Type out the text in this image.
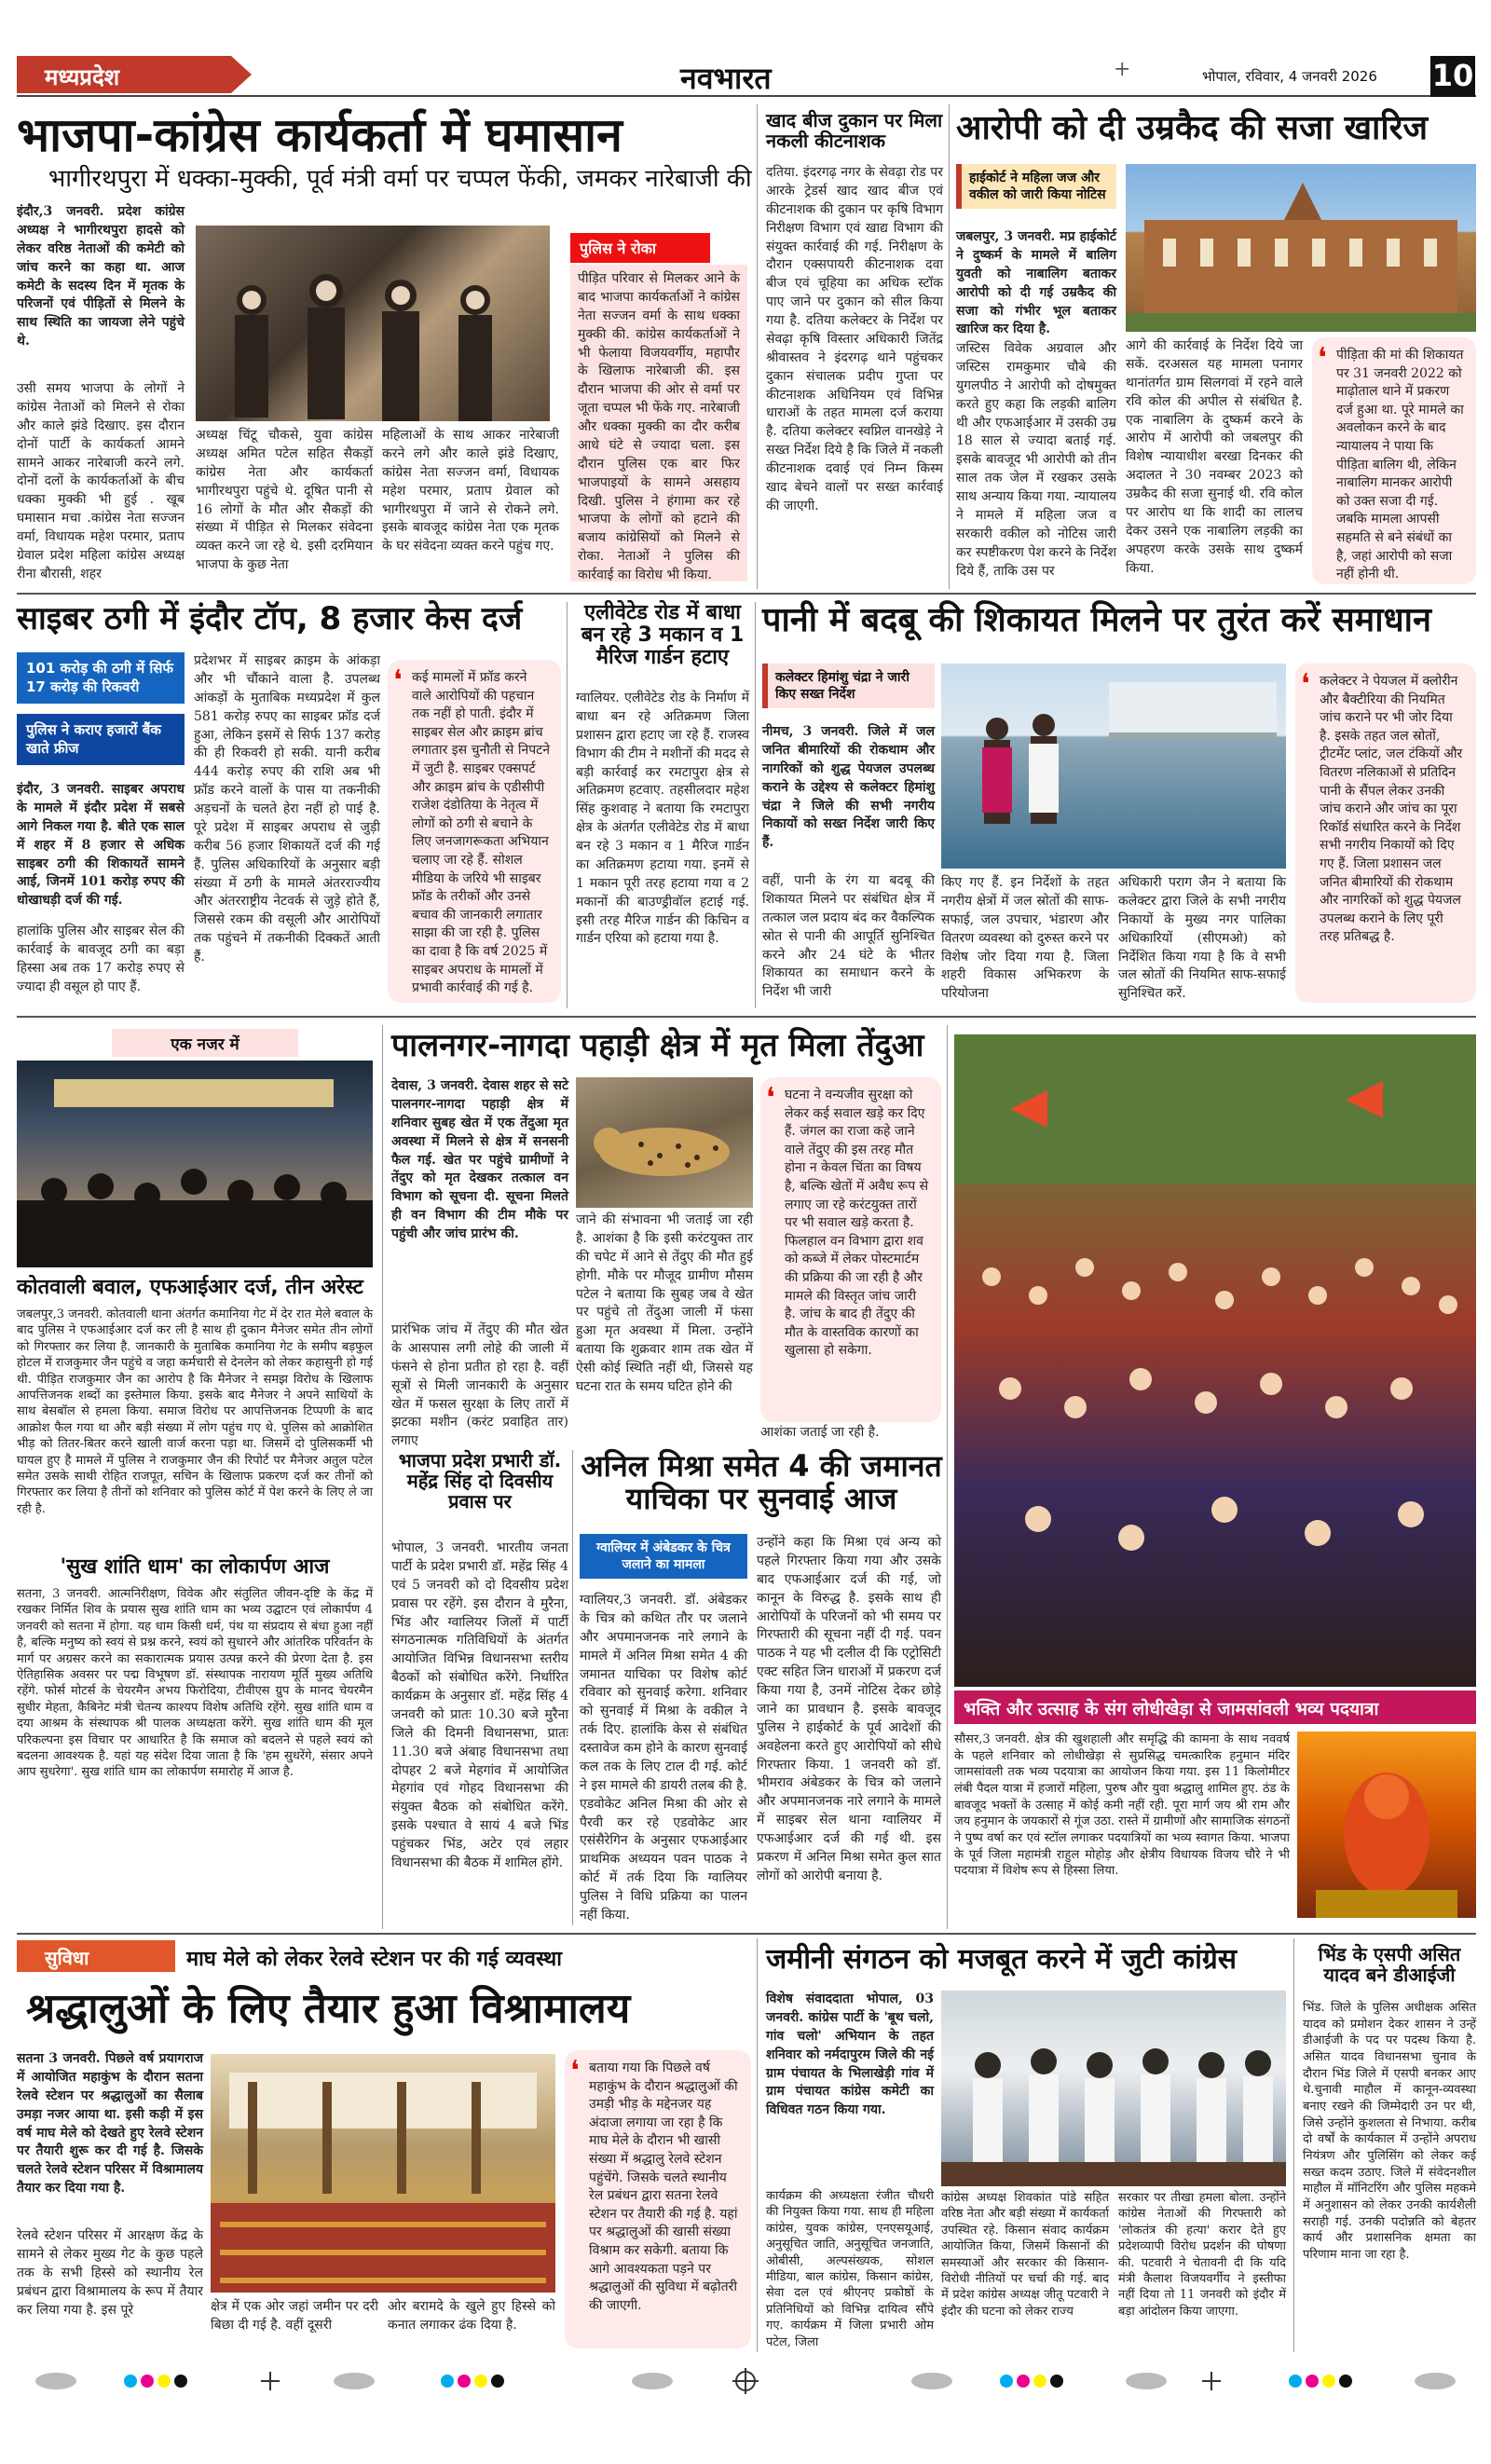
मध्यप्रदेश	नवभारत	+	भोपाल, रविवार, 4 जनवरी 2026 10
भाजपा-कांग्रेस कार्यकर्ता में घमासान
भागीरथपुरा में धक्का-मुक्की, पूर्व मंत्री वर्मा पर चप्पल फेंकी, जमकर नारेबाजी की
इंदौर,3 जनवरी. प्रदेश कांग्रेस अध्यक्ष ने भागीरथपुरा हादसे को लेकर वरिष्ठ नेताओं की कमेटी को जांच करने का कहा था. आज कमेटी के सदस्य दिन में मृतक के परिजनों एवं पीड़ितों से मिलने के साथ स्थिति का जायजा लेने पहुंचे थे.
उसी समय भाजपा के लोगों ने कांग्रेस नेताओं को मिलने से रोका और काले झंडे दिखाए. इस दौरान दोनों पार्टी के कार्यकर्ता आमने सामने आकर नारेबाजी करने लगे. दोनों दलों के कार्यकर्ताओं के बीच धक्का मुक्की भी हुई . खूब घमासान मचा .कांग्रेस नेता सज्जन वर्मा, विधायक महेश परमार, प्रताप ग्रेवाल प्रदेश महिला कांग्रेस अध्यक्ष रीना बौरासी, शहर
अध्यक्ष चिंटू चौकसे, युवा कांग्रेस अध्यक्ष अमित पटेल सहित सैकड़ों कांग्रेस नेता और कार्यकर्ता भागीरथपुरा पहुंचे थे. दूषित पानी से 16 लोगों के मौत और सैकड़ों की संख्या में पीड़ित से मिलकर संवेदना व्यक्त करने जा रहे थे. इसी दरमियान भाजपा के कुछ नेता
महिलाओं के साथ आकर नारेबाजी करने लगे और काले झंडे दिखाए, कांग्रेस नेता सज्जन वर्मा, विधायक महेश परमार, प्रताप ग्रेवाल को भागीरथपुरा में जाने से रोकने लगे. इसके बावजूद कांग्रेस नेता एक मृतक के घर संवेदना व्यक्त करने पहुंच गए.
पुलिस ने रोका
पीड़ित परिवार से मिलकर आने के बाद भाजपा कार्यकर्ताओं ने कांग्रेस नेता सज्जन वर्मा के साथ धक्का मुक्की की. कांग्रेस कार्यकर्ताओं ने भी फेलाया विजयवर्गीय, महापौर के खिलाफ नारेबाजी की. इस दौरान भाजपा की ओर से वर्मा पर जूता चप्पल भी फेंके गए. नारेबाजी और धक्का मुक्की का दौर करीब आधे घंटे से ज्यादा चला. इस दौरान पुलिस एक बार फिर भाजपाइयों के सामने असहाय दिखी. पुलिस ने हंगामा कर रहे भाजपा के लोगों को हटाने की बजाय कांग्रेसियों को मिलने से रोका. नेताओं ने पुलिस की कार्रवाई का विरोध भी किया.
खाद बीज दुकान पर मिला नकली कीटनाशक
दतिया. इंदरगढ़ नगर के सेवढ़ा रोड पर आरके ट्रेडर्स खाद खाद बीज एवं कीटनाशक की दुकान पर कृषि विभाग निरीक्षण विभाग एवं खाद्य विभाग की संयुक्त कार्रवाई की गई. निरीक्षण के दौरान एक्सपायरी कीटनाशक दवा बीज एवं चूहिया का अधिक स्टॉक पाए जाने पर दुकान को सील किया गया है. दतिया कलेक्टर के निर्देश पर सेवढ़ा कृषि विस्तार अधिकारी जितेंद्र श्रीवास्तव ने इंदरगढ़ थाने पहुंचकर दुकान संचालक प्रदीप गुप्ता पर कीटनाशक अधिनियम एवं विभिन्न धाराओं के तहत मामला दर्ज कराया है. दतिया कलेक्टर स्वप्निल वानखेड़े ने सख्त निर्देश दिये है कि जिले में नकली कीटनाशक दवाई एवं निम्न किस्म खाद बेचने वालों पर सख्त कार्रवाई की जाएगी.
आरोपी को दी उम्रकैद की सजा खारिज
हाईकोर्ट ने महिला जज और वकील को जारी किया नोटिस
जबलपुर, 3 जनवरी. मप्र हाईकोर्ट ने दुष्कर्म के मामले में बालिग युवती को नाबालिग बताकर आरोपी को दी गई उम्रकैद की सजा को गंभीर भूल बताकर खारिज कर दिया है.
जस्टिस विवेक अग्रवाल और जस्टिस रामकुमार चौबे की युगलपीठ ने आरोपी को दोषमुक्त करते हुए कहा कि लड़की बालिग थी और एफआईआर में उसकी उम्र 18 साल से ज्यादा बताई गई. इसके बावजूद भी आरोपी को तीन साल तक जेल में रखकर उसके साथ अन्याय किया गया. न्यायालय ने मामले में महिला जज व सरकारी वकील को नोटिस जारी कर स्पष्टीकरण पेश करने के निर्देश दिये हैं, ताकि उस पर
आगे की कार्रवाई के निर्देश दिये जा सकें. दरअसल यह मामला पनागर थानांतर्गत ग्राम सिलगवां में रहने वाले रवि कोल की अपील से संबंधित है. एक नाबालिग के दुष्कर्म करने के आरोप में आरोपी को जबलपुर की विशेष न्यायाधीश बरखा दिनकर की अदालत ने 30 नवम्बर 2023 को उम्रकैद की सजा सुनाई थी. रवि कोल पर आरोप था कि शादी का लालच देकर उसने एक नाबालिग लड़की का अपहरण करके उसके साथ दुष्कर्म किया.
❛ पीड़िता की मां की शिकायत पर 31 जनवरी 2022 को माढ़ोताल थाने में प्रकरण दर्ज हुआ था. पूरे मामले का अवलोकन करने के बाद न्यायालय ने पाया कि पीड़िता बालिग थी, लेकिन नाबालिग मानकर आरोपी को उक्त सजा दी गई. जबकि मामला आपसी सहमति से बने संबंधों का है, जहां आरोपी को सजा नहीं होनी थी.
साइबर ठगी में इंदौर टॉप, 8 हजार केस दर्ज
101 करोड़ की ठगी में सिर्फ 17 करोड़ की रिकवरी
पुलिस ने कराए हजारों बैंक खाते फ्रीज
इंदौर, 3 जनवरी. साइबर अपराध के मामले में इंदौर प्रदेश में सबसे आगे निकल गया है. बीते एक साल में शहर में 8 हजार से अधिक साइबर ठगी की शिकायतें सामने आई, जिनमें 101 करोड़ रुपए की धोखाधड़ी दर्ज की गई.
हालांकि पुलिस और साइबर सेल की कार्रवाई के बावजूद ठगी का बड़ा हिस्सा अब तक 17 करोड़ रुपए से ज्यादा ही वसूल हो पाए हैं.
प्रदेशभर में साइबर क्राइम के आंकड़ा और भी चौंकाने वाला है. उपलब्ध आंकड़ों के मुताबिक मध्यप्रदेश में कुल 581 करोड़ रुपए का साइबर फ्रॉड दर्ज हुआ, लेकिन इसमें से सिर्फ 137 करोड़ की ही रिकवरी हो सकी. यानी करीब 444 करोड़ रुपए की राशि अब भी फ्रॉड करने वालों के पास या तकनीकी अड़चनों के चलते हेरा नहीं हो पाई है. पूरे प्रदेश में साइबर अपराध से जुड़ी करीब 56 हजार शिकायतें दर्ज की गई हैं. पुलिस अधिकारियों के अनुसार बड़ी संख्या में ठगी के मामले अंतरराज्यीय और अंतरराष्ट्रीय नेटवर्क से जुड़े होते हैं, जिससे रकम की वसूली और आरोपियों तक पहुंचने में तकनीकी दिक्कतें आती हैं.
❛ कई मामलों में फ्रॉड करने वाले आरोपियों की पहचान तक नहीं हो पाती. इंदौर में साइबर सेल और क्राइम ब्रांच लगातार इस चुनौती से निपटने में जुटी है. साइबर एक्सपर्ट और क्राइम ब्रांच के एडीसीपी राजेश दंडोतिया के नेतृत्व में लोगों को ठगी से बचाने के लिए जनजागरूकता अभियान चलाए जा रहे हैं. सोशल मीडिया के जरिये भी साइबर फ्रॉड के तरीकों और उनसे बचाव की जानकारी लगातार साझा की जा रही है. पुलिस का दावा है कि वर्ष 2025 में साइबर अपराध के मामलों में प्रभावी कार्रवाई की गई है.
एलीवेटेड रोड में बाधा बन रहे 3 मकान व 1 मैरिज गार्डन हटाए
ग्वालियर. एलीवेटेड रोड के निर्माण में बाधा बन रहे अतिक्रमण जिला प्रशासन द्वारा हटाए जा रहे हैं. राजस्व विभाग की टीम ने मशीनों की मदद से बड़ी कार्रवाई कर रमटापुरा क्षेत्र से अतिक्रमण हटवाए. तहसीलदार महेश सिंह कुशवाह ने बताया कि रमटापुरा क्षेत्र के अंतर्गत एलीवेटेड रोड में बाधा बन रहे 3 मकान व 1 मैरिज गार्डन का अतिक्रमण हटाया गया. इनमें से 1 मकान पूरी तरह हटाया गया व 2 मकानों की बाउण्ड्रीवॉल हटाई गई. इसी तरह मैरिज गार्डन की किचिन व गार्डन एरिया को हटाया गया है.
पानी में बदबू की शिकायत मिलने पर तुरंत करें समाधान
कलेक्टर हिमांशु चंद्रा ने जारी किए सख्त निर्देश
नीमच, 3 जनवरी. जिले में जल जनित बीमारियों की रोकथाम और नागरिकों को शुद्ध पेयजल उपलब्ध कराने के उद्देश्य से कलेक्टर हिमांशु चंद्रा ने जिले की सभी नगरीय निकायों को सख्त निर्देश जारी किए हैं.
वहीं, पानी के रंग या बदबू की शिकायत मिलने पर संबंधित क्षेत्र में तत्काल जल प्रदाय बंद कर वैकल्पिक स्रोत से पानी की आपूर्ति सुनिश्चित करने और 24 घंटे के भीतर शिकायत का समाधान करने के निर्देश भी जारी
किए गए हैं. इन निर्देशों के तहत नगरीय क्षेत्रों में जल स्रोतों की साफ-सफाई, जल उपचार, भंडारण और वितरण व्यवस्था को दुरुस्त करने पर विशेष जोर दिया गया है. जिला शहरी विकास अभिकरण के परियोजना
अधिकारी पराग जैन ने बताया कि कलेक्टर द्वारा जिले के सभी नगरीय निकायों के मुख्य नगर पालिका अधिकारियों (सीएमओ) को निर्देशित किया गया है कि वे सभी जल स्रोतों की नियमित साफ-सफाई सुनिश्चित करें.
❛ कलेक्टर ने पेयजल में क्लोरीन और बैक्टीरिया की नियमित जांच कराने पर भी जोर दिया है. इसके तहत जल स्रोतों, ट्रीटमेंट प्लांट, जल टंकियों और वितरण नलिकाओं से प्रतिदिन पानी के सैंपल लेकर उनकी जांच कराने और जांच का पूरा रिकॉर्ड संधारित करने के निर्देश सभी नगरीय निकायों को दिए गए हैं. जिला प्रशासन जल जनित बीमारियों की रोकथाम और नागरिकों को शुद्ध पेयजल उपलब्ध कराने के लिए पूरी तरह प्रतिबद्ध है.
एक नजर में
कोतवाली बवाल, एफआईआर दर्ज, तीन अरेस्ट
जबलपुर,3 जनवरी. कोतवाली थाना अंतर्गत कमानिया गेट में देर रात मेले बवाल के बाद पुलिस ने एफआईआर दर्ज कर ली है साथ ही दुकान मैनेजर समेत तीन लोगों को गिरफ्तार कर लिया है. जानकारी के मुताबिक कमानिया गेट के समीप बड़फुल होटल में राजकुमार जैन पहुंचे व जहा कर्मचारी से देनलेन को लेकर कहासुनी हो गई थी. पीड़ित राजकुमार जैन का आरोप है कि मैनेजर ने समझ विरोध के खिलाफ आपत्तिजनक शब्दों का इस्तेमाल किया. इसके बाद मैनेजर ने अपने साथियों के साथ बेसबॉल से हमला किया. समाज विरोध पर आपत्तिजनक टिप्पणी के बाद आक्रोश फैल गया था और बड़ी संख्या में लोग पहुंच गए थे. पुलिस को आक्रोशित भीड़ को तितर-बितर करने खाली वार्ज करना पड़ा था. जिसमें दो पुलिसकर्मी भी घायल हुए है मामले में पुलिस ने राजकुमार जैन की रिपोर्ट पर मैनेजर अतुल पटेल समेत उसके साथी रोहित राजपूत, सचिन के खिलाफ प्रकरण दर्ज कर तीनों को गिरफ्तार कर लिया है तीनों को शनिवार को पुलिस कोर्ट में पेश करने के लिए ले जा रही है.
'सुख शांति धाम' का लोकार्पण आज
सतना, 3 जनवरी. आत्मनिरीक्षण, विवेक और संतुलित जीवन-दृष्टि के केंद्र में रखकर निर्मित शिव के प्रयास सुख शांति धाम का भव्य उद्घाटन एवं लोकार्पण 4 जनवरी को सतना में होगा. यह धाम किसी धर्म, पंथ या संप्रदाय से बंधा हुआ नहीं है, बल्कि मनुष्य को स्वयं से प्रश्न करने, स्वयं को सुधारने और आंतरिक परिवर्तन के मार्ग पर अग्रसर करने का सकारात्मक प्रयास उत्पन्न करने की प्रेरणा देता है. इस ऐतिहासिक अवसर पर पद्म विभूषण डॉ. संस्थापक नारायण मूर्ति मुख्य अतिथि रहेंगे. फोर्स मोटर्स के चेयरमैन अभय फिरोदिया, टीवीएस ग्रुप के मानद चेयरमैन सुधीर मेहता, कैबिनेट मंत्री चेतन्य काश्यप विशेष अतिथि रहेंगे. सुख शांति धाम व दया आश्रम के संस्थापक श्री पालक अध्यक्षता करेंगे. सुख शांति धाम की मूल परिकल्पना इस विचार पर आधारित है कि समाज को बदलने से पहले स्वयं को बदलना आवश्यक है. यहां यह संदेश दिया जाता है कि 'हम सुधरेंगे, संसार अपने आप सुधरेगा'. सुख शांति धाम का लोकार्पण समारोह में आज है.
पालनगर-नागदा पहाड़ी क्षेत्र में मृत मिला तेंदुआ
देवास, 3 जनवरी. देवास शहर से सटे पालनगर-नागदा पहाड़ी क्षेत्र में शनिवार सुबह खेत में एक तेंदुआ मृत अवस्था में मिलने से क्षेत्र में सनसनी फैल गई. खेत पर पहुंचे ग्रामीणों ने तेंदुए को मृत देखकर तत्काल वन विभाग को सूचना दी. सूचना मिलते ही वन विभाग की टीम मौके पर पहुंची और जांच प्रारंभ की.
प्रारंभिक जांच में तेंदुए की मौत खेत के आसपास लगी लोहे की जाली में फंसने से होना प्रतीत हो रहा है. वहीं सूत्रों से मिली जानकारी के अनुसार खेत में फसल सुरक्षा के लिए तारों में झटका मशीन (करंट प्रवाहित तार) लगाए
जाने की संभावना भी जताई जा रही है. आशंका है कि इसी करंटयुक्त तार की चपेट में आने से तेंदुए की मौत हुई होगी. मौके पर मौजूद ग्रामीण मौसम पटेल ने बताया कि सुबह जब वे खेत पर पहुंचे तो तेंदुआ जाली में फंसा हुआ मृत अवस्था में मिला. उन्होंने बताया कि शुक्रवार शाम तक खेत में ऐसी कोई स्थिति नहीं थी, जिससे यह घटना रात के समय घटित होने की
❛ घटना ने वन्यजीव सुरक्षा को लेकर कई सवाल खड़े कर दिए हैं. जंगल का राजा कहे जाने वाले तेंदुए की इस तरह मौत होना न केवल चिंता का विषय है, बल्कि खेतों में अवैध रूप से लगाए जा रहे करंटयुक्त तारों पर भी सवाल खड़े करता है. फिलहाल वन विभाग द्वारा शव को कब्जे में लेकर पोस्टमार्टम की प्रक्रिया की जा रही है और मामले की विस्तृत जांच जारी है. जांच के बाद ही तेंदुए की मौत के वास्तविक कारणों का खुलासा हो सकेगा.
आशंका जताई जा रही है.
भाजपा प्रदेश प्रभारी डॉ. महेंद्र सिंह दो दिवसीय प्रवास पर
भोपाल, 3 जनवरी. भारतीय जनता पार्टी के प्रदेश प्रभारी डॉ. महेंद्र सिंह 4 एवं 5 जनवरी को दो दिवसीय प्रदेश प्रवास पर रहेंगे. इस दौरान वे मुरैना, भिंड और ग्वालियर जिलों में पार्टी संगठनात्मक गतिविधियों के अंतर्गत आयोजित विभिन्न विधानसभा स्तरीय बैठकों को संबोधित करेंगे. निर्धारित कार्यक्रम के अनुसार डॉ. महेंद्र सिंह 4 जनवरी को प्रातः 10.30 बजे मुरैना जिले की दिमनी विधानसभा, प्रातः 11.30 बजे अंबाह विधानसभा तथा दोपहर 2 बजे मेहगांव में आयोजित मेहगांव एवं गोहद विधानसभा की संयुक्त बैठक को संबोधित करेंगे. इसके पश्चात वे सायं 4 बजे भिंड पहुंचकर भिंड, अटेर एवं लहार विधानसभा की बैठक में शामिल होंगे.
अनिल मिश्रा समेत 4 की जमानत याचिका पर सुनवाई आज
ग्वालियर में अंबेडकर के चित्र जलाने का मामला
ग्वालियर,3 जनवरी. डॉ. अंबेडकर के चित्र को कथित तौर पर जलाने और अपमानजनक नारे लगाने के मामले में अनिल मिश्रा समेत 4 की जमानत याचिका पर विशेष कोर्ट रविवार को सुनवाई करेगा. शनिवार को सुनवाई में मिश्रा के वकील ने तर्क दिए. हालांकि केस से संबंधित दस्तावेज कम होने के कारण सुनवाई कल तक के लिए टाल दी गई. कोर्ट ने इस मामले की डायरी तलब की है. एडवोकेट अनिल मिश्रा की ओर से पैरवी कर रहे एडवोकेट आर एसंसैरेगिन के अनुसार एफआईआर प्राथमिक अध्ययन पवन पाठक ने कोर्ट में तर्क दिया कि ग्वालियर पुलिस ने विधि प्रक्रिया का पालन नहीं किया.
उन्होंने कहा कि मिश्रा एवं अन्य को पहले गिरफ्तार किया गया और उसके बाद एफआईआर दर्ज की गई, जो कानून के विरुद्ध है. इसके साथ ही आरोपियों के परिजनों को भी समय पर गिरफ्तारी की सूचना नहीं दी गई. पवन पाठक ने यह भी दलील दी कि एट्रोसिटी एक्ट सहित जिन धाराओं में प्रकरण दर्ज किया गया है, उनमें नोटिस देकर छोड़े जाने का प्रावधान है. इसके बावजूद पुलिस ने हाईकोर्ट के पूर्व आदेशों की अवहेलना करते हुए आरोपियों को सीधे गिरफ्तार किया. 1 जनवरी को डॉ. भीमराव अंबेडकर के चित्र को जलाने और अपमानजनक नारे लगाने के मामले में साइबर सेल थाना ग्वालियर में एफआईआर दर्ज की गई थी. इस प्रकरण में अनिल मिश्रा समेत कुल सात लोगों को आरोपी बनाया है.
भक्ति और उत्साह के संग लोधीखेड़ा से जामसांवली भव्य पदयात्रा
सौसर,3 जनवरी. क्षेत्र की खुशहाली और समृद्धि की कामना के साथ नववर्ष के पहले शनिवार को लोधीखेड़ा से सुप्रसिद्ध चमत्कारिक हनुमान मंदिर जामसांवली तक भव्य पदयात्रा का आयोजन किया गया. इस 11 किलोमीटर लंबी पैदल यात्रा में हजारों महिला, पुरुष और युवा श्रद्धालु शामिल हुए. ठंड के बावजूद भक्तों के उत्साह में कोई कमी नहीं रही. पूरा मार्ग जय श्री राम और जय हनुमान के जयकारों से गूंज उठा. रास्ते में ग्रामीणों और सामाजिक संगठनों ने पुष्प वर्षा कर एवं स्टॉल लगाकर पदयात्रियों का भव्य स्वागत किया. भाजपा के पूर्व जिला महामंत्री राहुल मोहोड़ और क्षेत्रीय विधायक विजय चौरे ने भी पदयात्रा में विशेष रूप से हिस्सा लिया.
सुविधा	माघ मेले को लेकर रेलवे स्टेशन पर की गई व्यवस्था
श्रद्धालुओं के लिए तैयार हुआ विश्रामालय
सतना 3 जनवरी. पिछले वर्ष प्रयागराज में आयोजित महाकुंभ के दौरान सतना रेलवे स्टेशन पर श्रद्धालुओं का सैलाब उमड़ा नजर आया था. इसी कड़ी में इस वर्ष माघ मेले को देखते हुए रेलवे स्टेशन पर तैयारी शुरू कर दी गई है. जिसके चलते रेलवे स्टेशन परिसर में विश्रामालय तैयार कर दिया गया है.
रेलवे स्टेशन परिसर में आरक्षण केंद्र के सामने से लेकर मुख्य गेट के कुछ पहले तक के सभी हिस्से को स्थानीय रेल प्रबंधन द्वारा विश्रामालय के रूप में तैयार कर लिया गया है. इस पूरे	क्षेत्र में एक ओर जहां जमीन पर दरी बिछा दी गई है. वहीं दूसरी
ओर बरामदे के खुले हुए हिस्से को कनात लगाकर ढंक दिया है.
❛ बताया गया कि पिछले वर्ष महाकुंभ के दौरान श्रद्धालुओं की उमड़ी भीड़ के मद्देनजर यह अंदाजा लगाया जा रहा है कि माघ मेले के दौरान भी खासी संख्या में श्रद्धालु रेलवे स्टेशन पहुंचेंगे. जिसके चलते स्थानीय रेल प्रबंधन द्वारा सतना रेलवे स्टेशन पर तैयारी की गई है. यहां पर श्रद्धालुओं की खासी संख्या विश्राम कर सकेगी. बताया कि आगे आवश्यकता पड़ने पर श्रद्धालुओं की सुविधा में बढ़ोतरी की जाएगी.
जमीनी संगठन को मजबूत करने में जुटी कांग्रेस
विशेष संवाददाता भोपाल, 03 जनवरी. कांग्रेस पार्टी के 'बूथ चलो, गांव चलो' अभियान के तहत शनिवार को नर्मदापुरम जिले की नई ग्राम पंचायत के भिलाखेड़ी गांव में ग्राम पंचायत कांग्रेस कमेटी का विधिवत गठन किया गया.
कार्यक्रम की अध्यक्षता रंजीत चौधरी की नियुक्त किया गया. साथ ही महिला कांग्रेस, युवक कांग्रेस, एनएसयूआई, अनुसूचित जाति, अनुसूचित जनजाति, ओबीसी, अल्पसंख्यक, सोशल मीडिया, बाल कांग्रेस, किसान कांग्रेस, सेवा दल एवं श्रीएनए प्रकोष्ठों के प्रतिनिधियों को विभिन्न दायित्व सौंपे गए. कार्यक्रम में जिला प्रभारी ओम पटेल, जिला
कांग्रेस अध्यक्ष शिवकांत पांडे सहित वरिष्ठ नेता और बड़ी संख्या में कार्यकर्ता उपस्थित रहे. किसान संवाद कार्यक्रम आयोजित किया, जिसमें किसानों की समस्याओं और सरकार की किसान-विरोधी नीतियों पर चर्चा की गई. बाद में प्रदेश कांग्रेस अध्यक्ष जीतू पटवारी ने इंदौर की घटना को लेकर राज्य
सरकार पर तीखा हमला बोला. उन्होंने कांग्रेस नेताओं की गिरफ्तारी को 'लोकतंत्र की हत्या' करार देते हुए प्रदेशव्यापी विरोध प्रदर्शन की घोषणा की. पटवारी ने चेतावनी दी कि यदि मंत्री कैलाश विजयवर्गीय ने इस्तीफा नहीं दिया तो 11 जनवरी को इंदौर में बड़ा आंदोलन किया जाएगा.
भिंड के एसपी असित यादव बने डीआईजी
भिंड. जिले के पुलिस अधीक्षक असित यादव को प्रमोशन देकर शासन ने उन्हें डीआईजी के पद पर पदस्थ किया है. असित यादव विधानसभा चुनाव के दौरान भिंड जिले में एसपी बनकर आए थे.चुनावी माहौल में कानून-व्यवस्था बनाए रखने की जिम्मेदारी उन पर थी, जिसे उन्होंने कुशलता से निभाया. करीब दो वर्षों के कार्यकाल में उन्होंने अपराध नियंत्रण और पुलिसिंग को लेकर कई सख्त कदम उठाए. जिले में संवेदनशील माहौल में मॉनिटरिंग और पुलिस महकमे में अनुशासन को लेकर उनकी कार्यशैली सराही गई. उनकी पदोन्नति को बेहतर कार्य और प्रशासनिक क्षमता का परिणाम माना जा रहा है.
